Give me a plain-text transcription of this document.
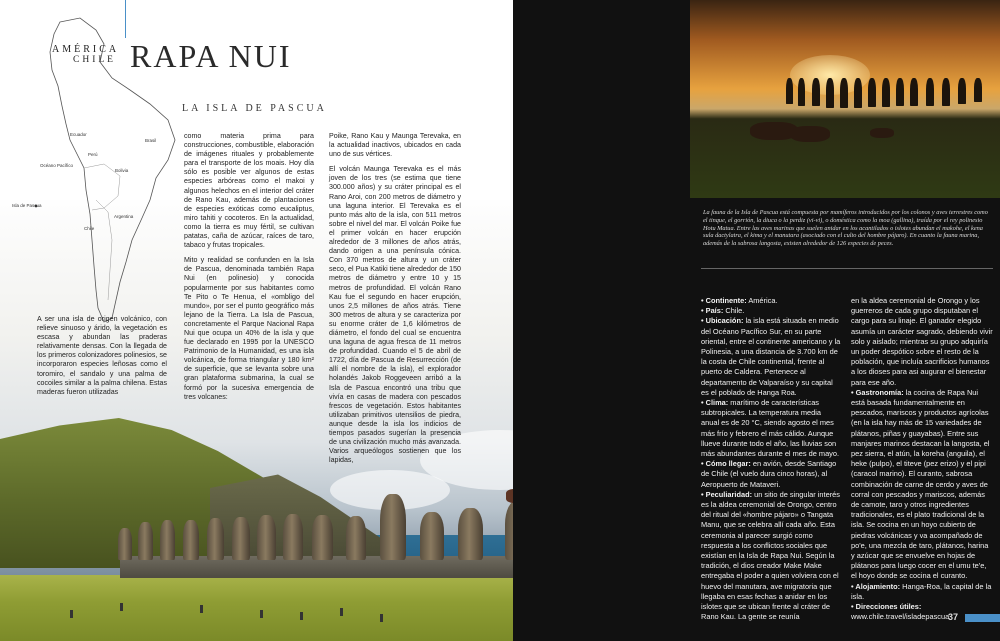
Océano Pacífico
Ecuador
Perú
Bolivia
Brasil
Chile
Argentina
Isla de Pascua
AMÉRICA
CHILE RAPA NUI
LA ISLA DE PASCUA

A ser una isla de origen volcánico, con relieve sinuoso y árido, la vegetación es escasa y abundan las praderas relativamente densas. Con la llegada de los primeros colonizadores polinesios, se incorporaron especies leñosas como el toromiro, el sandalo y una palma de cocoiles similar a la palma chilena. Estas maderas fueron utilizadas

como materia prima para construcciones, combustible, elaboración de imágenes rituales y probablemente para el transporte de los moais. Hoy día sólo es posible ver algunos de estas especies arbóreas como el makoi y algunos helechos en el interior del cráter de Rano Kau, además de plantaciones de especies exóticas como eucaliptus, miro tahiti y cocoteros. En la actualidad, como la tierra es muy fértil, se cultivan patatas, caña de azúcar, raíces de taro, tabaco y frutas tropicales.

Mito y realidad se confunden en la Isla de Pascua, denominada también Rapa Nui (en polinesio) y conocida popularmente por sus habitantes como Te Pito o Te Henua, el «ombligo del mundo», por ser el punto geográfico más lejano de la Tierra. La Isla de Pascua, concretamente el Parque Nacional Rapa Nui que ocupa un 40% de la isla y que fue declarado en 1995 por la UNESCO Patrimonio de la Humanidad, es una isla volcánica, de forma triangular y 180 km² de superficie, que se levanta sobre una gran plataforma submarina, la cual se formó por la sucesiva emergencia de tres volcanes:

Poike, Rano Kau y Maunga Terevaka, en la actualidad inactivos, ubicados en cada uno de sus vértices.

El volcán Maunga Terevaka es el más joven de los tres (se estima que tiene 300.000 años) y su cráter principal es el Rano Aroi, con 200 metros de diámetro y una laguna interior. El Terevaka es el punto más alto de la isla, con 511 metros sobre el nivel del mar. El volcán Poike fue el primer volcán en hacer erupción alrededor de 3 millones de años atrás, dando origen a una península cónica. Con 370 metros de altura y un cráter seco, el Pua Katiki tiene alrededor de 150 metros de diámetro y entre 10 y 15 metros de profundidad. El volcán Rano Kau fue el segundo en hacer erupción, unos 2,5 millones de años atrás. Tiene 300 metros de altura y se caracteriza por su enorme cráter de 1,6 kilómetros de diámetro, el fondo del cual se encuentra una laguna de agua fresca de 11 metros de profundidad. Cuando el 5 de abril de 1722, día de Pascua de Resurrección (de allí el nombre de la isla), el explorador holandés Jakob Roggeveen arribó a la Isla de Pascua encontró una tribu que vivía en casas de madera con pescados frescos de vegetación. Estos habitantes utilizaban primitivos utensilios de piedra, aunque desde la isla los indicios de tiempos pasados sugerían la presencia de una civilización mucho más avanzada. Varios arqueólogos sostienen que los lapidas,

La fauna de la Isla de Pascua está compuesta por mamíferos introducidos por los colonos y aves terrestres como el tinque, el gorrión, la diuca o la perdiz (vi-vi), o doméstica como la moa (gallina), traída por el rey polinesio Hotu Matua. Entre las aves marinas que suelen anidar en los acantilados o islotes abundan el makohe, el kena sula dactylatra, el kima y el manutara (asociado con el culto del hombre pájaro). En cuanto la fauna marina, además de la sabrosa langosta, existen alrededor de 126 especies de peces.
• Continente: América.
• País: Chile.
• Ubicación: la isla está situada en medio del Océano Pacífico Sur, en su parte oriental, entre el continente americano y la Polinesia, a una distancia de 3.700 km de la costa de Chile continental, frente al puerto de Caldera. Pertenece al departamento de Valparaíso y su capital es el poblado de Hanga Roa.
• Clima: marítimo de características subtropicales. La temperatura media anual es de 20 °C, siendo agosto el mes más frío y febrero el más cálido. Aunque llueve durante todo el año, las lluvias son más abundantes durante el mes de mayo.
• Cómo llegar: en avión, desde Santiago de Chile (el vuelo dura cinco horas), al Aeropuerto de Mataveri.
• Peculiaridad: un sitio de singular interés es la aldea ceremonial de Orongo, centro del ritual del «hombre pájaro» o Tangata Manu, que se celebra allí cada año. Esta ceremonia al parecer surgió como respuesta a los conflictos sociales que existían en la Isla de Rapa Nui. Según la tradición, el dios creador Make Make entregaba el poder a quien volviera con el huevo del manutara, ave migratoria que llegaba en esas fechas a anidar en los islotes que se ubican frente al cráter de Rano Kau. La gente se reunía
en la aldea ceremonial de Orongo y los guerreros de cada grupo disputaban el cargo para su linaje. El ganador elegido asumía un carácter sagrado, debiendo vivir solo y aislado; mientras su grupo adquiría un poder despótico sobre el resto de la población, que incluía sacrificios humanos a los dioses para asi augurar el bienestar para ese año.
• Gastronomía: la cocina de Rapa Nui está basada fundamentalmente en pescados, mariscos y productos agrícolas (en la isla hay más de 15 variedades de plátanos, piñas y guayabas). Entre sus manjares marinos destacan la langosta, el pez sierra, el atún, la koreha (anguila), el heke (pulpo), el titeve (pez erizo) y el pipi (caracol marino). El curanto, sabrosa combinación de carne de cerdo y aves de corral con pescados y mariscos, además de camote, taro y otros ingredientes tradicionales, es el plato tradicional de la isla. Se cocina en un hoyo cubierto de piedras volcánicas y va acompañado de po'e, una mezcla de taro, plátanos, harina y azúcar que se envuelve en hojas de plátanos para luego cocer en el umu te'e, el hoyo donde se cocina el curanto.
• Alojamiento: Hanga-Roa, la capital de la isla.
• Direcciones útiles:
www.chile.travel/isladepascua
37
